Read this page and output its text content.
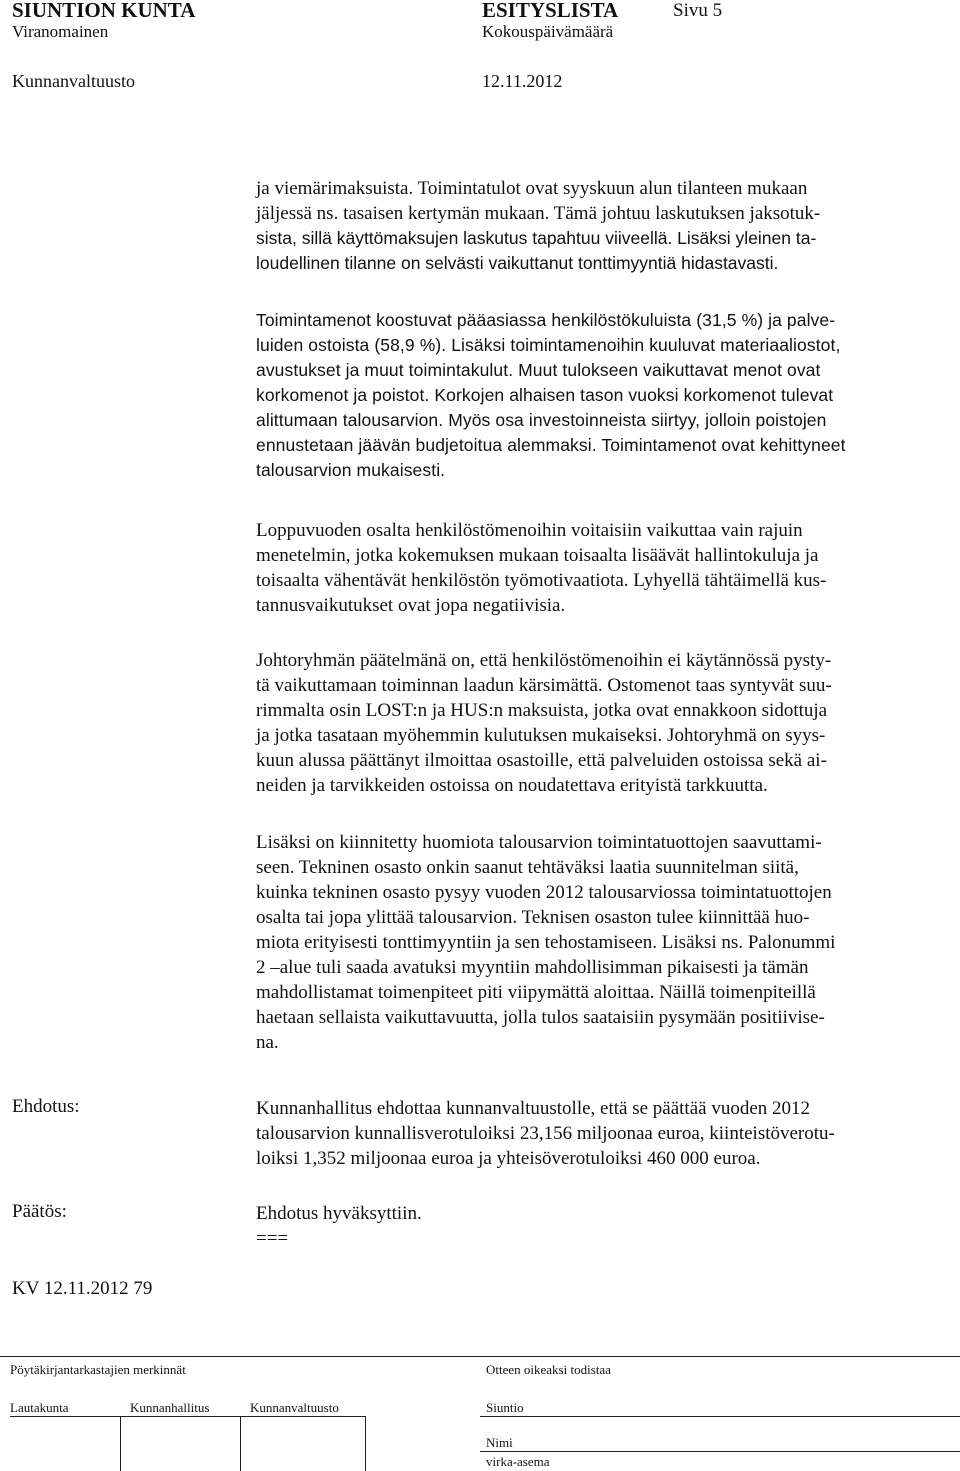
SIUNTION KUNTA
Viranomainen
ESITYSLISTA
Kokouspäivämäärä
Sivu 5
Kunnanvaltuusto	12.11.2012
ja viemärimaksuista. Toimintatulot ovat syyskuun alun tilanteen mukaan
jäljessä ns. tasaisen kertymän mukaan. Tämä johtuu laskutuksen jaksotuk-
sista, sillä käyttömaksujen laskutus tapahtuu viiveellä. Lisäksi yleinen ta-
loudellinen tilanne on selvästi vaikuttanut tonttimyyntiä hidastavasti.
Toimintamenot koostuvat pääasiassa henkilöstökuluista (31,5 %) ja palve-
luiden ostoista (58,9 %). Lisäksi toimintamenoihin kuuluvat materiaaliostot,
avustukset ja muut toimintakulut. Muut tulokseen vaikuttavat menot ovat
korkomenot ja poistot. Korkojen alhaisen tason vuoksi korkomenot tulevat
alittumaan talousarvion. Myös osa investoinneista siirtyy, jolloin poistojen
ennustetaan jäävän budjetoitua alemmaksi. Toimintamenot ovat kehittyneet
talousarvion mukaisesti.
Loppuvuoden osalta henkilöstömenoihin voitaisiin vaikuttaa vain rajuin
menetelmin, jotka kokemuksen mukaan toisaalta lisäävät hallintokuluja ja
toisaalta vähentävät henkilöstön työmotivaatiota. Lyhyellä tähtäimellä kus-
tannusvaikutukset ovat jopa negatiivisia.
Johtoryhmän päätelmänä on, että henkilöstömenoihin ei käytännössä pysty-
tä vaikuttamaan toiminnan laadun kärsimättä. Ostomenot taas syntyvät suu-
rimmalta osin LOST:n ja HUS:n maksuista, jotka ovat ennakkoon sidottuja
ja jotka tasataan myöhemmin kulutuksen mukaiseksi. Johtoryhmä on syys-
kuun alussa päättänyt ilmoittaa osastoille, että palveluiden ostoissa sekä ai-
neiden ja tarvikkeiden ostoissa on noudatettava erityistä tarkkuutta.
Lisäksi on kiinnitetty huomiota talousarvion toimintatuottojen saavuttami-
seen. Tekninen osasto onkin saanut tehtäväksi laatia suunnitelman siitä,
kuinka tekninen osasto pysyy vuoden 2012 talousarviossa toimintatuottojen
osalta tai jopa ylittää talousarvion. Teknisen osaston tulee kiinnittää huo-
miota erityisesti tonttimyyntiin ja sen tehostamiseen. Lisäksi ns. Palonummi
2 –alue tuli saada avatuksi myyntiin mahdollisimman pikaisesti ja tämän
mahdollistamat toimenpiteet piti viipymättä aloittaa. Näillä toimenpiteillä
haetaan sellaista vaikuttavuutta, jolla tulos saataisiin pysymään positiivise-
na.
Ehdotus:	Kunnanhallitus ehdottaa kunnanvaltuustolle, että se päättää vuoden 2012
talousarvion kunnallisverotuloiksi 23,156 miljoonaa euroa, kiinteistöverotu-
loiksi 1,352 miljoonaa euroa ja yhteisöverotuloiksi 460 000 euroa.
Päätös:	Ehdotus hyväksyttiin.
===
KV 12.11.2012 79
Pöytäkirjantarkastajien merkinnät
Lautakunta	Kunnanhallitus	Kunnanvaltuusto
Otteen oikeaksi todistaa
Siuntio
Nimi
virka-asema
